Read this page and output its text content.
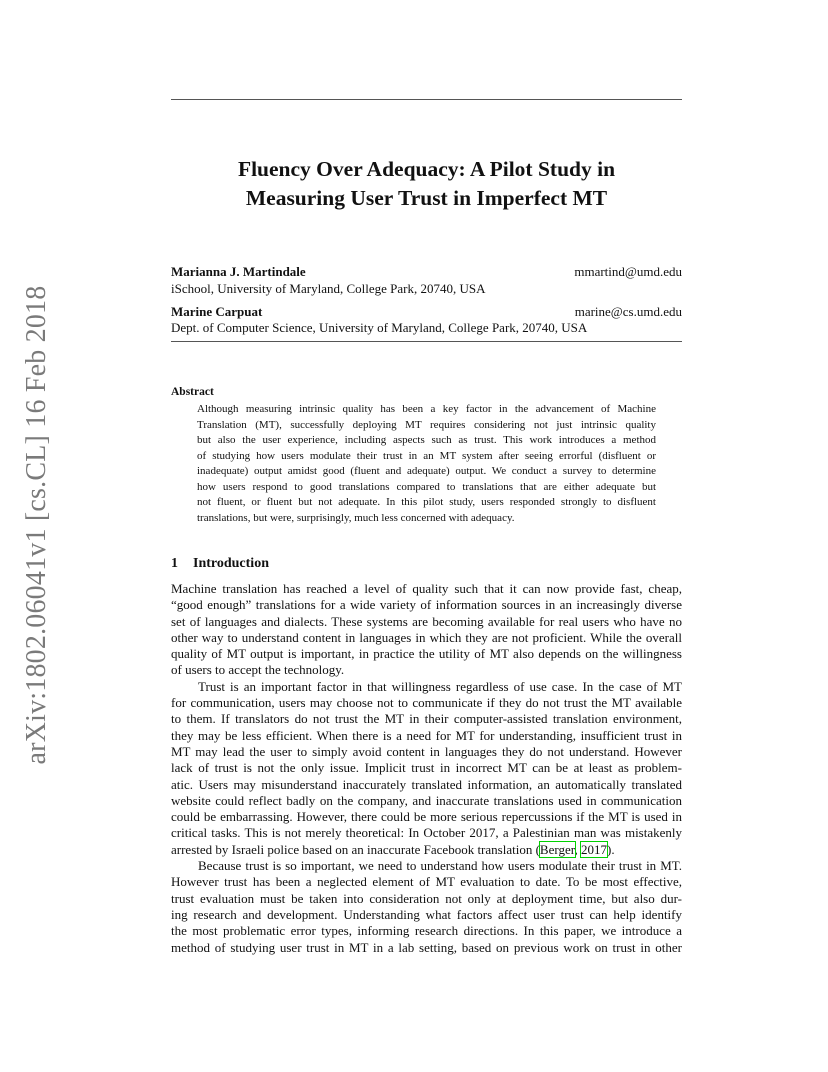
arXiv:1802.06041v1 [cs.CL] 16 Feb 2018
Fluency Over Adequacy: A Pilot Study in
Measuring User Trust in Imperfect MT
Marianna J. Martindale	mmartind@umd.edu
iSchool, University of Maryland, College Park, 20740, USA
Marine Carpuat	marine@cs.umd.edu
Dept. of Computer Science, University of Maryland, College Park, 20740, USA
Abstract
Although measuring intrinsic quality has been a key factor in the advancement of Machine
Translation (MT), successfully deploying MT requires considering not just intrinsic quality
but also the user experience, including aspects such as trust. This work introduces a method
of studying how users modulate their trust in an MT system after seeing errorful (disfluent or
inadequate) output amidst good (fluent and adequate) output. We conduct a survey to determine
how users respond to good translations compared to translations that are either adequate but
not fluent, or fluent but not adequate. In this pilot study, users responded strongly to disfluent
translations, but were, surprisingly, much less concerned with adequacy.
1 Introduction
Machine translation has reached a level of quality such that it can now provide fast, cheap,
“good enough” translations for a wide variety of information sources in an increasingly diverse
set of languages and dialects. These systems are becoming available for real users who have no
other way to understand content in languages in which they are not proficient. While the overall
quality of MT output is important, in practice the utility of MT also depends on the willingness
of users to accept the technology.
Trust is an important factor in that willingness regardless of use case. In the case of MT
for communication, users may choose not to communicate if they do not trust the MT available
to them. If translators do not trust the MT in their computer-assisted translation environment,
they may be less efficient. When there is a need for MT for understanding, insufficient trust in
MT may lead the user to simply avoid content in languages they do not understand. However
lack of trust is not the only issue. Implicit trust in incorrect MT can be at least as problem-
atic. Users may misunderstand inaccurately translated information, an automatically translated
website could reflect badly on the company, and inaccurate translations used in communication
could be embarrassing. However, there could be more serious repercussions if the MT is used in
critical tasks. This is not merely theoretical: In October 2017, a Palestinian man was mistakenly
arrested by Israeli police based on an inaccurate Facebook translation (Berger, 2017).
Because trust is so important, we need to understand how users modulate their trust in MT.
However trust has been a neglected element of MT evaluation to date. To be most effective,
trust evaluation must be taken into consideration not only at deployment time, but also dur-
ing research and development. Understanding what factors affect user trust can help identify
the most problematic error types, informing research directions. In this paper, we introduce a
method of studying user trust in MT in a lab setting, based on previous work on trust in other
